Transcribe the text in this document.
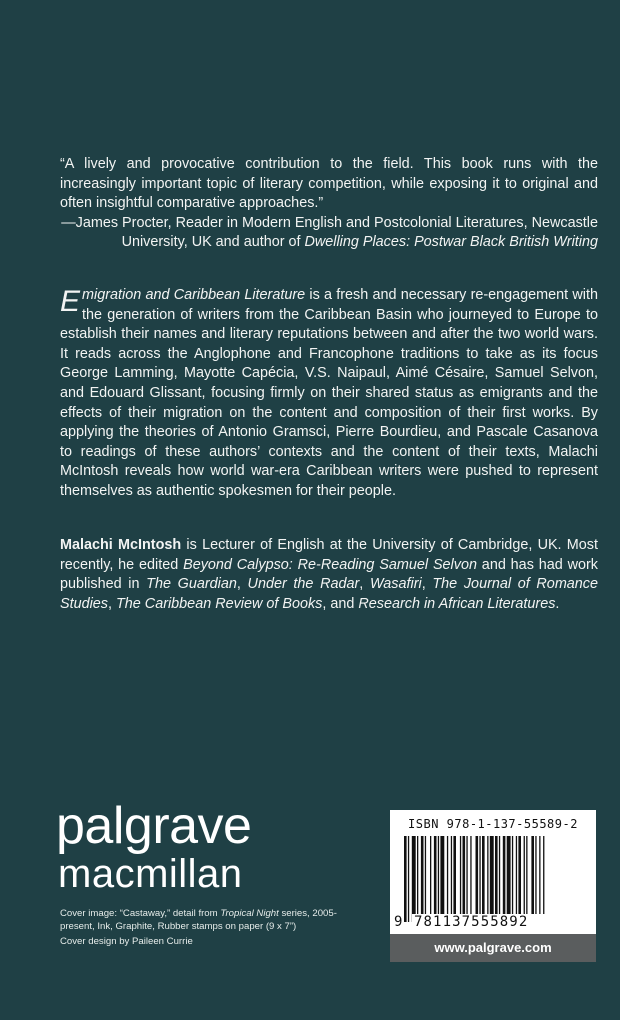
“A lively and provocative contribution to the field. This book runs with the increasingly important topic of literary competition, while exposing it to original and often insightful comparative approaches.”

—James Procter, Reader in Modern English and Postcolonial Literatures, Newcastle University, UK and author of Dwelling Places: Postwar Black British Writing

Emigration and Caribbean Literature is a fresh and necessary re-engagement with the generation of writers from the Caribbean Basin who journeyed to Europe to establish their names and literary reputations between and after the two world wars. It reads across the Anglophone and Francophone traditions to take as its focus George Lamming, Mayotte Capécia, V.S. Naipaul, Aimé Césaire, Samuel Selvon, and Edouard Glissant, focusing firmly on their shared status as emigrants and the effects of their migration on the content and composition of their first works. By applying the theories of Antonio Gramsci, Pierre Bourdieu, and Pascale Casanova to readings of these authors’ contexts and the content of their texts, Malachi McIntosh reveals how world war-era Caribbean writers were pushed to represent themselves as authentic spokesmen for their people.

Malachi McIntosh is Lecturer of English at the University of Cambridge, UK. Most recently, he edited Beyond Calypso: Re-Reading Samuel Selvon and has had work published in The Guardian, Under the Radar, Wasafiri, The Journal of Romance Studies, The Caribbean Review of Books, and Research in African Literatures.

palgrave
macmillan

Cover image: “Castaway,” detail from Tropical Night series, 2005-present, Ink, Graphite, Rubber stamps on paper (9 x 7”)

Cover design by Paileen Currie

ISBN 978-1-137-55589-2
9 781137555892
www.palgrave.com
